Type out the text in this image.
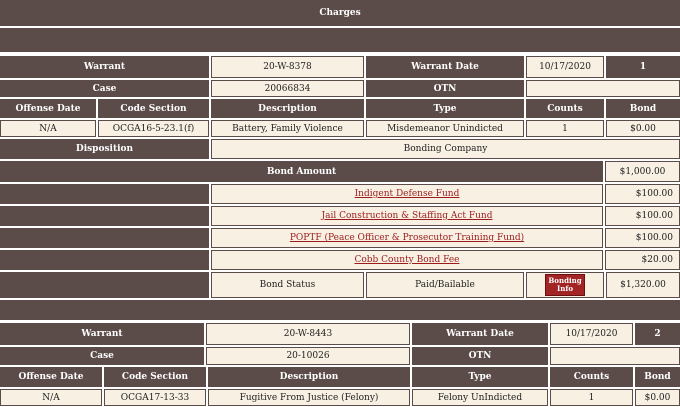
Charges
Warrant	20-W-8378	Warrant Date	10/17/2020	1
Case	20066834	OTN
Offense Date	Code Section	Description	Type	Counts	Bond
N/A	OCGA16-5-23.1(f)	Battery, Family Violence	Misdemeanor Unindicted	1	$0.00
Disposition	Bonding Company
Bond Amount	$1,000.00
Indigent Defense Fund	$100.00
Jail Construction & Staffing Act Fund	$100.00
POPTF (Peace Officer & Prosecutor Training Fund)	$100.00
Cobb County Bond Fee	$20.00
Bond Status	Paid/Bailable	Bonding Info	$1,320.00
Warrant	20-W-8443	Warrant Date	10/17/2020	2
Case	20-10026	OTN
Offense Date	Code Section	Description	Type	Counts	Bond
N/A	OCGA17-13-33	Fugitive From Justice (Felony)	Felony UnIndicted	1	$0.00
